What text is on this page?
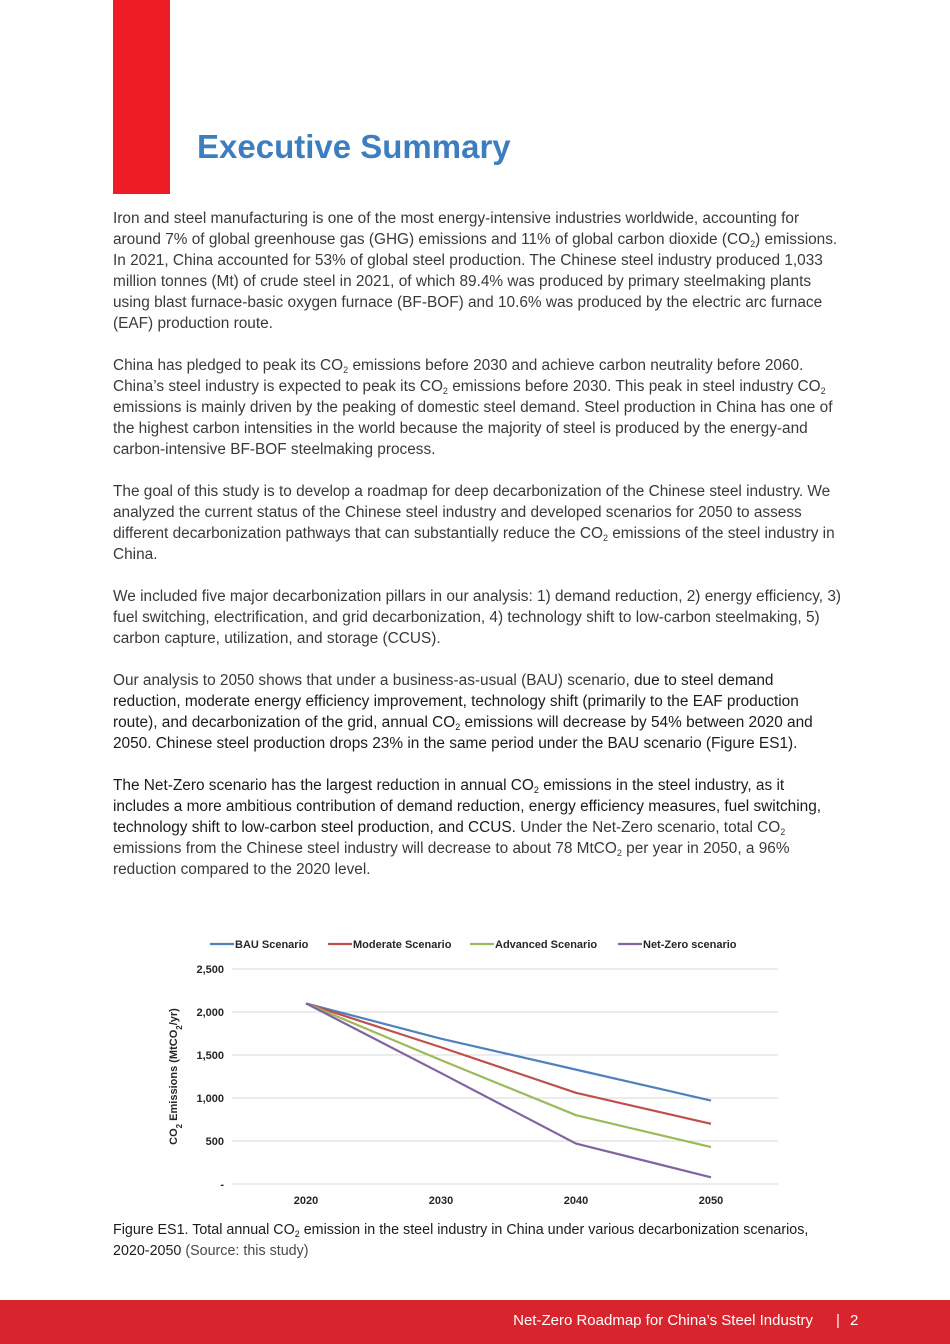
Executive Summary

Iron and steel manufacturing is one of the most energy-intensive industries worldwide, accounting for around 7% of global greenhouse gas (GHG) emissions and 11% of global carbon dioxide $(CO_2)$ emissions. In 2021, China accounted for 53% of global steel production. The Chinese steel industry produced 1,033 million tonnes (Mt) of crude steel in 2021, of which 89.4% was produced by primary steelmaking plants using blast furnace-basic oxygen furnace (BF-BOF) and 10.6% was produced by the electric arc furnace (EAF) production route.

China has pledged to peak its $CO_2$ emissions before 2030 and achieve carbon neutrality before 2060. China’s steel industry is expected to peak its $CO_2$ emissions before 2030. This peak in steel industry $CO_2$ emissions is mainly driven by the peaking of domestic steel demand. Steel production in China has one of the highest carbon intensities in the world because the majority of steel is produced by the energy-and carbon-intensive BF-BOF steelmaking process.

The goal of this study is to develop a roadmap for deep decarbonization of the Chinese steel industry. We analyzed the current status of the Chinese steel industry and developed scenarios for 2050 to assess different decarbonization pathways that can substantially reduce the $CO_2$ emissions of the steel industry in China.

We included five major decarbonization pillars in our analysis: 1) demand reduction, 2) energy efficiency, 3) fuel switching, electrification, and grid decarbonization, 4) technology shift to low-carbon steelmaking, 5) carbon capture, utilization, and storage (CCUS).

Our analysis to 2050 shows that under a business-as-usual (BAU) scenario, due to steel demand reduction, moderate energy efficiency improvement, technology shift (primarily to the EAF production route), and decarbonization of the grid, annual $CO_2$ emissions will decrease by 54% between 2020 and 2050. Chinese steel production drops 23% in the same period under the BAU scenario (Figure ES1).

The Net-Zero scenario has the largest reduction in annual $CO_2$ emissions in the steel industry, as it includes a more ambitious contribution of demand reduction, energy efficiency measures, fuel switching, technology shift to low-carbon steel production, and CCUS. Under the Net-Zero scenario, total $CO_2$ emissions from the Chinese steel industry will decrease to about 78 MtCO$_2$ per year in 2050, a 96% reduction compared to the 2020 level.

-
500
1,000
1,500
2,000
2,500
2020	2030	2040	2050
$CO_2$ Emissions (MtCO$_2$/yr)
BAU Scenario	Moderate Scenario	Advanced Scenario	Net-Zero scenario

Figure ES1. Total annual $CO_2$ emission in the steel industry in China under various decarbonization scenarios, 2020-2050 (Source: this study)

Net-Zero Roadmap for China’s Steel Industry | 2
